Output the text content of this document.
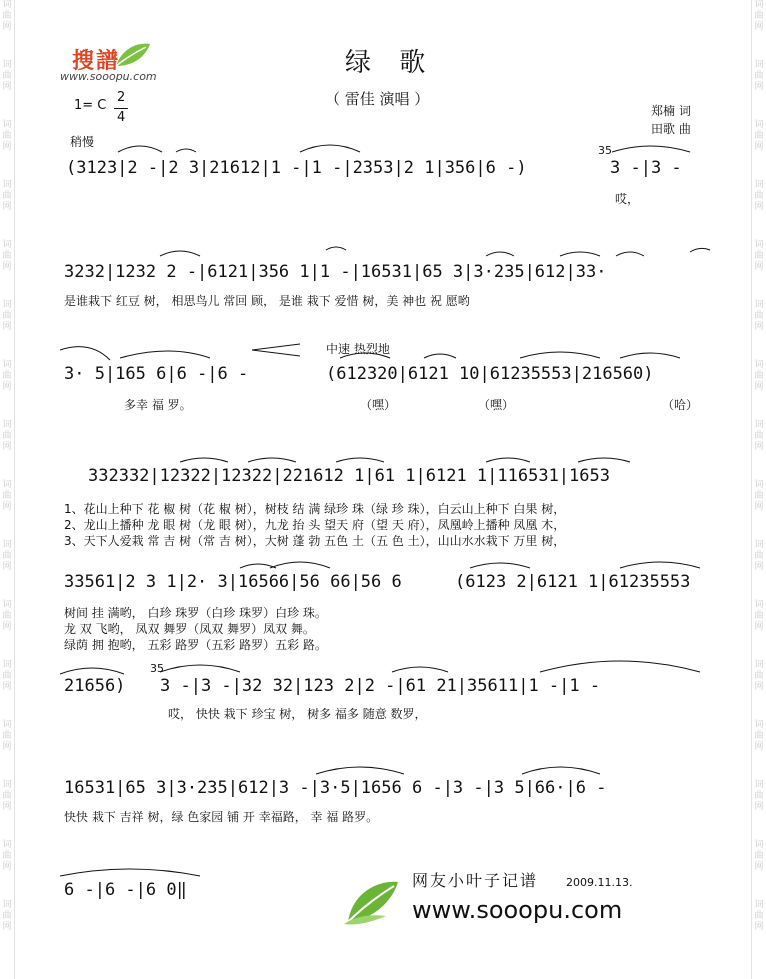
词
曲
网
词
曲
网
词
曲
网
词
曲
网
词
曲
网
词
曲
网
词
曲
网
词
曲
网
词
曲
网
词
曲
网
词
曲
网
词
曲
网
词
曲
网
词
曲
网
词
曲
网
词
曲
网
词
曲
网
词
曲
网
词
曲
网
词
曲
网
词
曲
网
词
曲
网
词
曲
网
词
曲
网
词
曲
网
词
曲
网
词
曲
网
词
曲
网
词
曲
网
词
曲
网
词
曲
网
词
曲
网
搜譜
www.sooopu.com	绿 歌
（ 雷佳 演唱 ）
1= C
2
4	郑楠 词
田歌 曲
稍慢
(3123|2 -|2 3|21612|1 -|1 -|2353|2 1|356|6 -)
35
3 -|3 -
哎，
3232|1232 2 -|6121|356 1|1 -|16531|65 3|3·235|612|33·
是谁栽下 红豆 树， 相思鸟儿 常回 顾， 是谁 栽下 爱惜 树，美 神也 祝 愿哟
3· 5|165 6|6 -|6 -
中速 热烈地
(612320|6121 10|61235553|216560)
多幸 福 罗。	（嘿）	（嘿）	（哈）
332332|12322|12322|221612 1|61 1|6121 1|116531|1653
1、花山上种下 花 椒 树（花 椒 树），树枝 结 满 绿珍 珠（绿 珍 珠），白云山上种下 白果 树，
2、龙山上播种 龙 眼 树（龙 眼 树），九龙 抬 头 望天 府（望 天 府），凤凰岭上播种 凤凰 木，
3、天下人爱栽 常 吉 树（常 吉 树），大树 蓬 勃 五色 土（五 色 土），山山水水栽下 万里 树，
33561|2 3 1|2· 3|16566|56 66|56 6	(6123 2|6121 1|61235553
树间 挂 满哟， 白珍 珠罗（白珍 珠罗）白珍 珠。
龙 双 飞哟， 凤双 舞罗（凤双 舞罗）凤双 舞。
绿荫 拥 抱哟， 五彩 路罗（五彩 路罗）五彩 路。
21656)
35
3 -|3 -|32 32|123 2|2 -|61 21|35611|1 -|1 -
哎， 快快 栽下 珍宝 树， 树多 福多 随意 数罗，
16531|65 3|3·235|612|3 -|3·5|1656 6 -|3 -|3 5|66·|6 -
快快 栽下 吉祥 树，绿 色家园 铺 开 幸福路， 幸 福 路罗。
6 -|6 -|6 0‖	网友小叶子记谱	2009.11.13.
www.sooopu.com
